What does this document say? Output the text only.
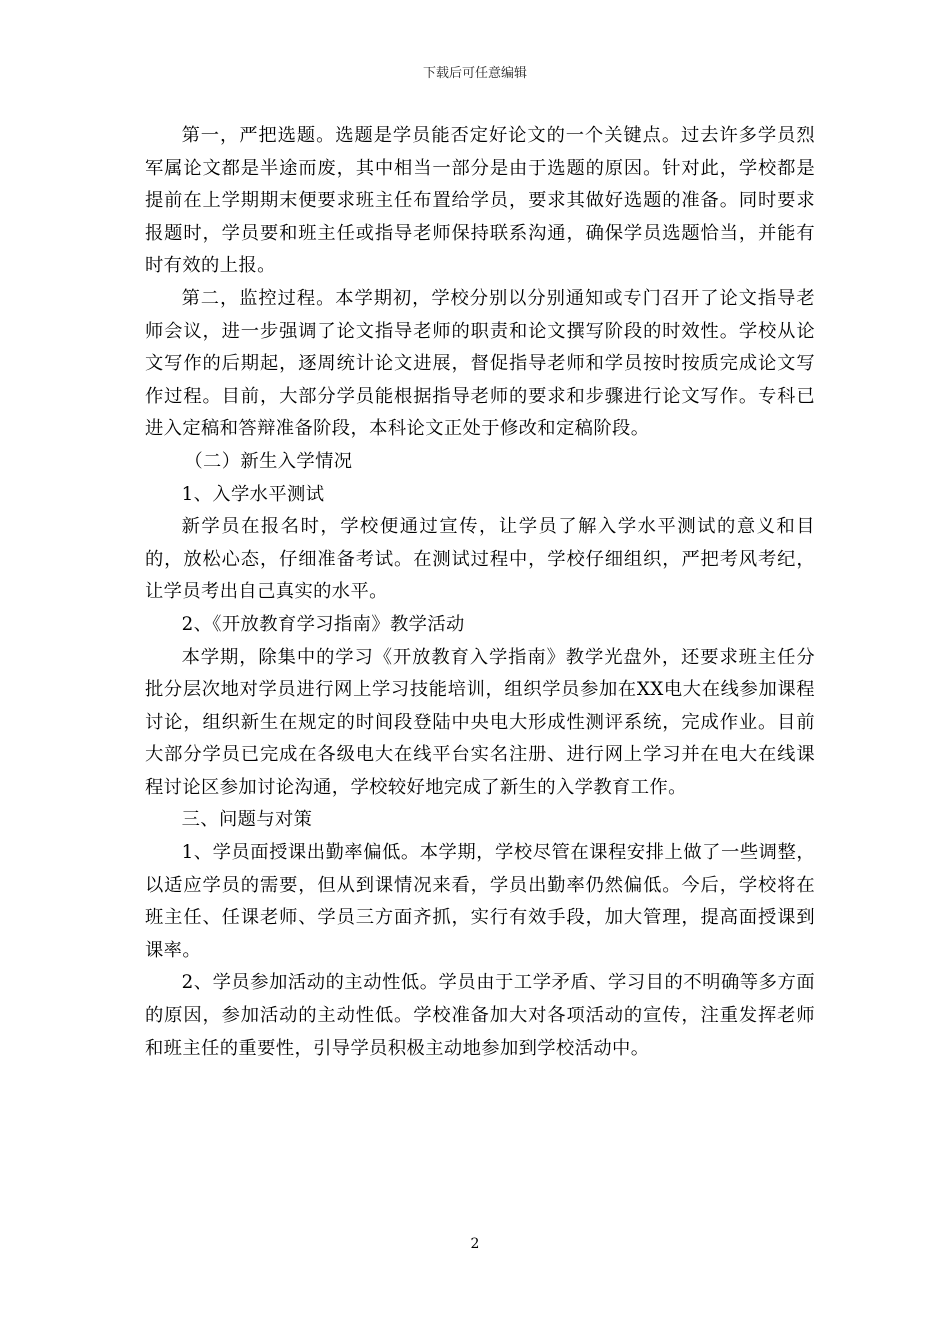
下载后可任意编辑

第一，严把选题。选题是学员能否定好论文的一个关键点。过去许多学员烈军属论文都是半途而废，其中相当一部分是由于选题的原因。针对此，学校都是提前在上学期期末便要求班主任布置给学员，要求其做好选题的准备。同时要求报题时，学员要和班主任或指导老师保持联系沟通，确保学员选题恰当，并能有时有效的上报。

第二，监控过程。本学期初，学校分别以分别通知或专门召开了论文指导老师会议，进一步强调了论文指导老师的职责和论文撰写阶段的时效性。学校从论文写作的后期起，逐周统计论文进展，督促指导老师和学员按时按质完成论文写作过程。目前，大部分学员能根据指导老师的要求和步骤进行论文写作。专科已进入定稿和答辩准备阶段，本科论文正处于修改和定稿阶段。

（二）新生入学情况

1、入学水平测试

新学员在报名时，学校便通过宣传，让学员了解入学水平测试的意义和目的，放松心态，仔细准备考试。在测试过程中，学校仔细组织，严把考风考纪，让学员考出自己真实的水平。

2、《开放教育学习指南》教学活动

本学期，除集中的学习《开放教育入学指南》教学光盘外，还要求班主任分批分层次地对学员进行网上学习技能培训，组织学员参加在XX电大在线参加课程讨论，组织新生在规定的时间段登陆中央电大形成性测评系统，完成作业。目前大部分学员已完成在各级电大在线平台实名注册、进行网上学习并在电大在线课程讨论区参加讨论沟通，学校较好地完成了新生的入学教育工作。

三、问题与对策

1、学员面授课出勤率偏低。本学期，学校尽管在课程安排上做了一些调整，以适应学员的需要，但从到课情况来看，学员出勤率仍然偏低。今后，学校将在班主任、任课老师、学员三方面齐抓，实行有效手段，加大管理，提高面授课到课率。

2、学员参加活动的主动性低。学员由于工学矛盾、学习目的不明确等多方面的原因，参加活动的主动性低。学校准备加大对各项活动的宣传，注重发挥老师和班主任的重要性，引导学员积极主动地参加到学校活动中。

2
